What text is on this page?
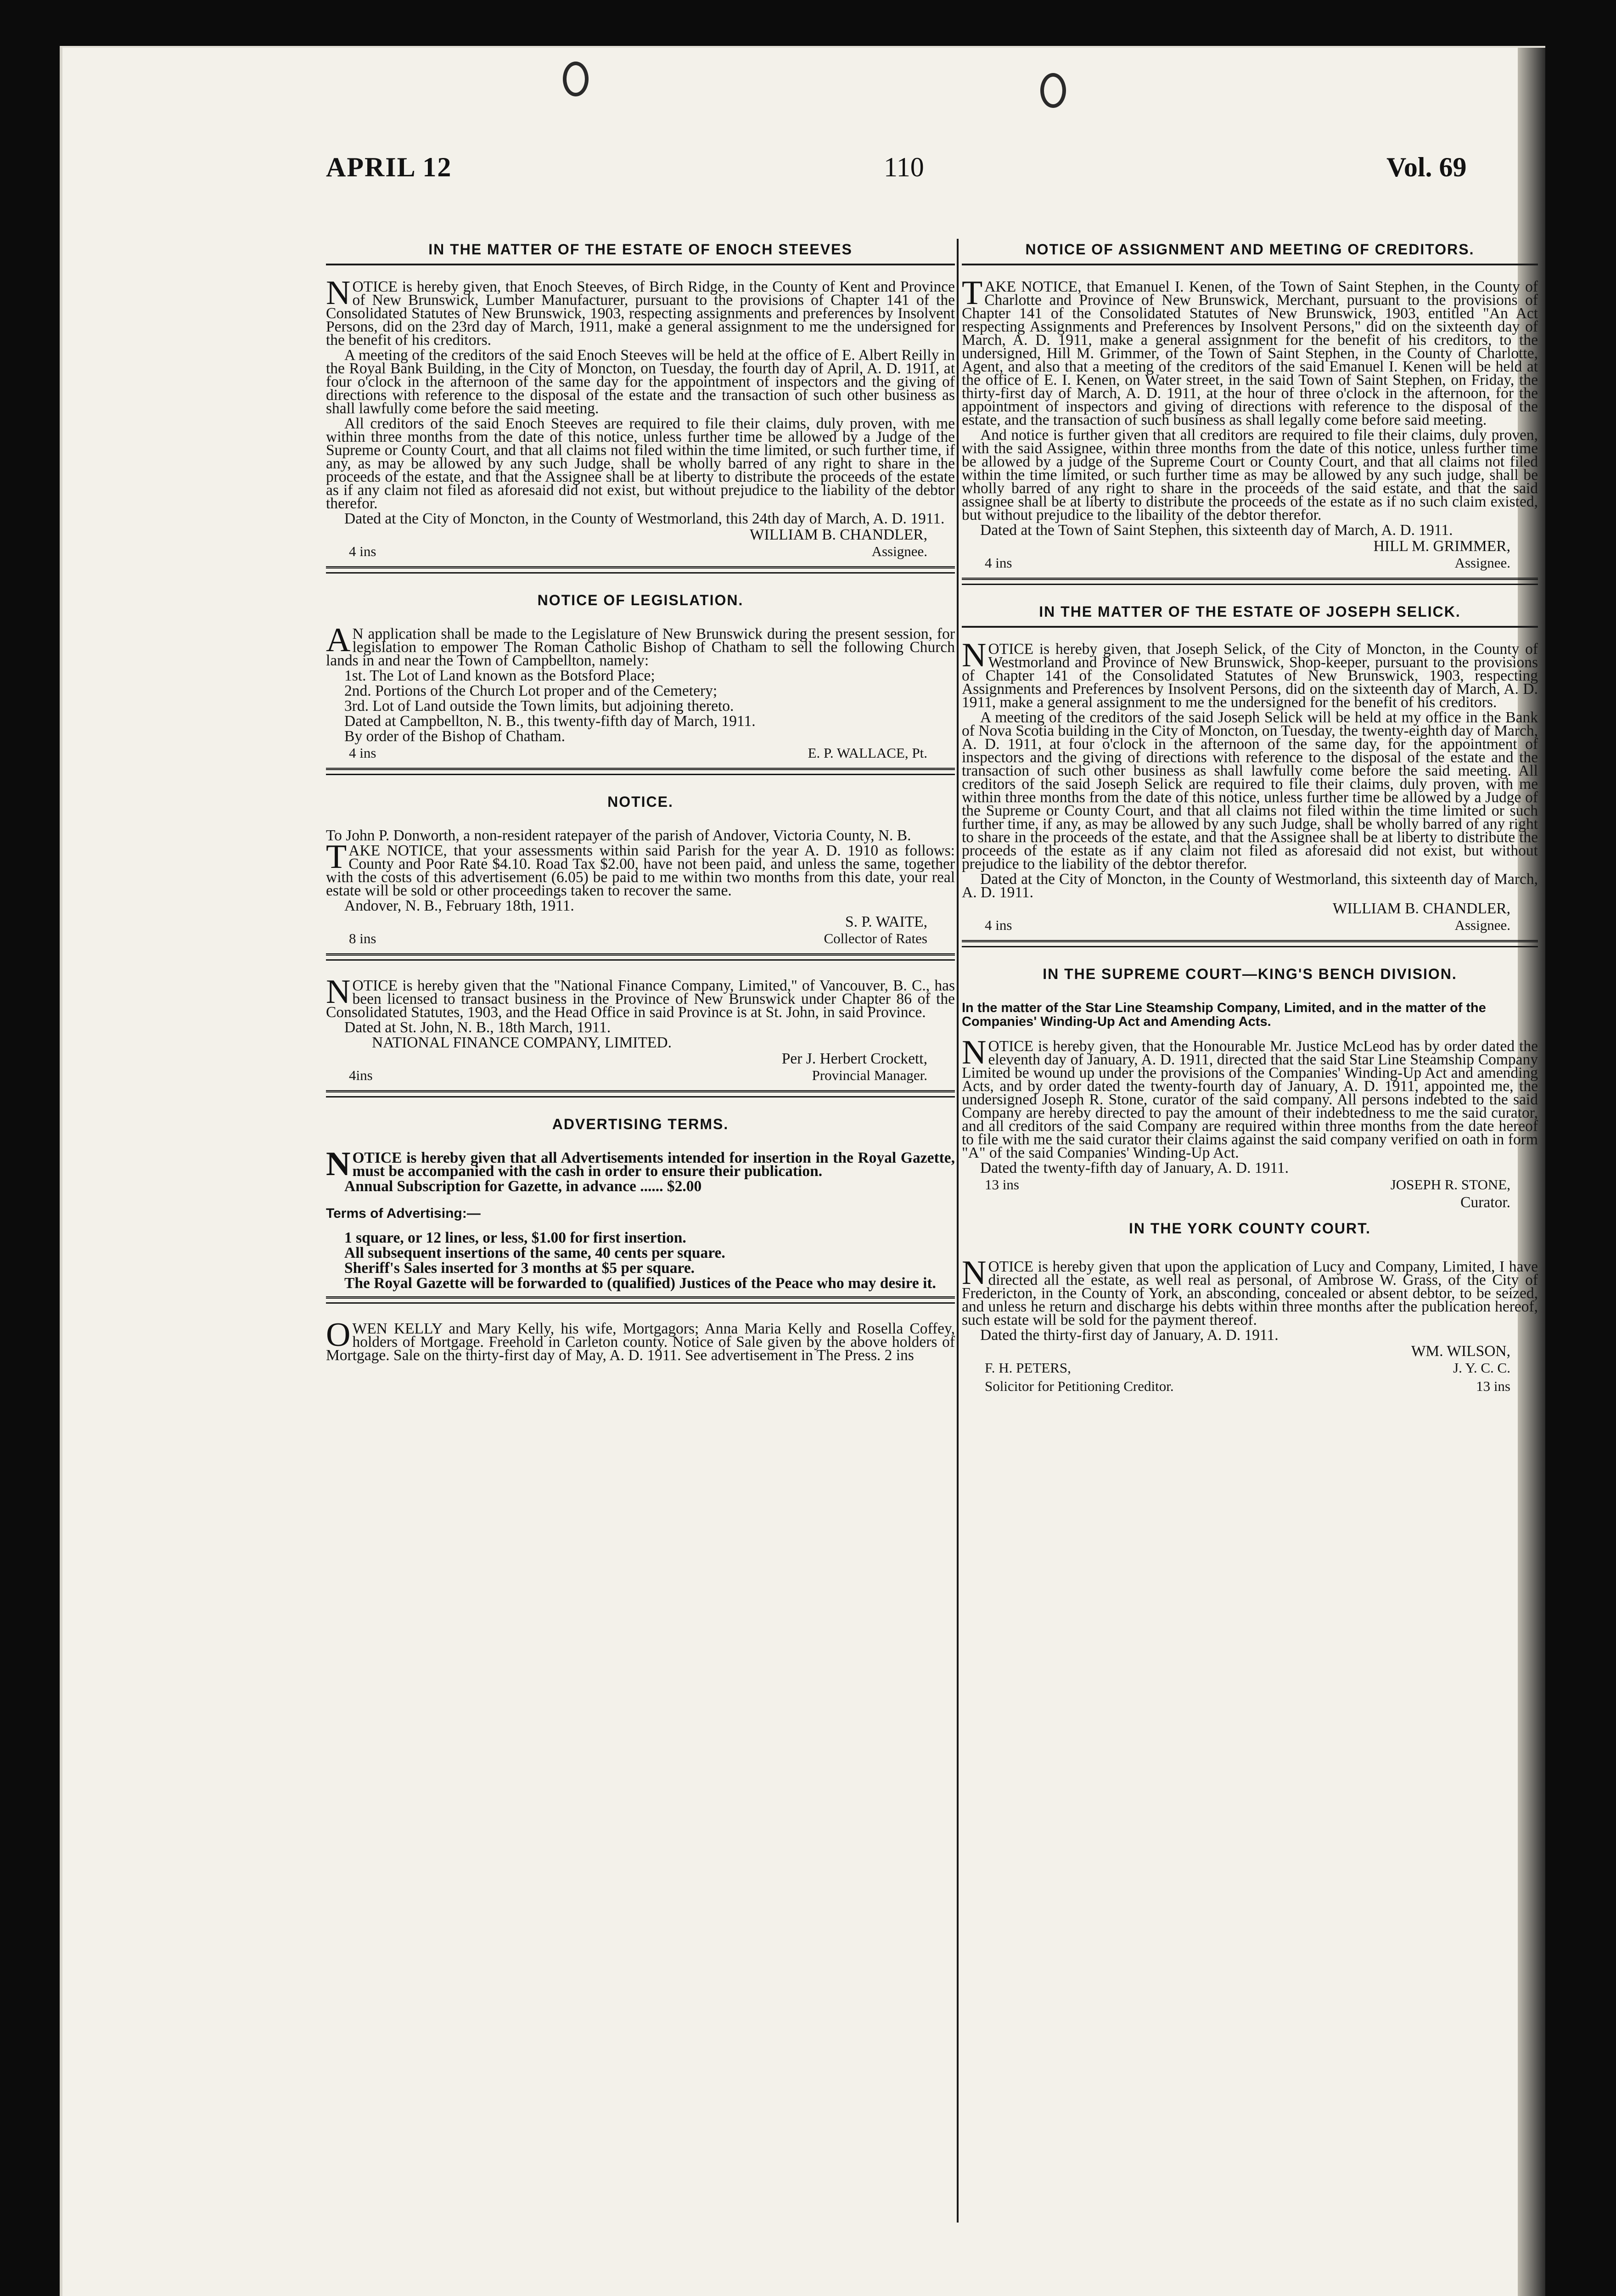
APRIL 12	110	Vol. 69
IN THE MATTER OF THE ESTATE OF ENOCH STEEVES

NOTICE is hereby given, that Enoch Steeves, of Birch Ridge, in the County of Kent and Province of New Brunswick, Lumber Manufacturer, pursuant to the provisions of Chapter 141 of the Consolidated Statutes of New Brunswick, 1903, respecting assignments and preferences by Insolvent Persons, did on the 23rd day of March, 1911, make a general assignment to me the undersigned for the benefit of his creditors.

A meeting of the creditors of the said Enoch Steeves will be held at the office of E. Albert Reilly in the Royal Bank Building, in the City of Moncton, on Tuesday, the fourth day of April, A. D. 1911, at four o'clock in the afternoon of the same day for the appointment of inspectors and the giving of directions with reference to the disposal of the estate and the transaction of such other business as shall lawfully come before the said meeting.

All creditors of the said Enoch Steeves are required to file their claims, duly proven, with me within three months from the date of this notice, unless further time be allowed by a Judge of the Supreme or County Court, and that all claims not filed within the time limited, or such further time, if any, as may be allowed by any such Judge, shall be wholly barred of any right to share in the proceeds of the estate, and that the Assignee shall be at liberty to distribute the proceeds of the estate as if any claim not filed as aforesaid did not exist, but without prejudice to the liability of the debtor therefor.

Dated at the City of Moncton, in the County of Westmorland, this 24th day of March, A. D. 1911.

WILLIAM B. CHANDLER,

4 ins	Assignee.
NOTICE OF LEGISLATION.

AN application shall be made to the Legislature of New Brunswick during the present session, for legislation to empower The Roman Catholic Bishop of Chatham to sell the following Church lands in and near the Town of Campbellton, namely:

1st. The Lot of Land known as the Botsford Place;

2nd. Portions of the Church Lot proper and of the Cemetery;

3rd. Lot of Land outside the Town limits, but adjoining thereto.

Dated at Campbellton, N. B., this twenty-fifth day of March, 1911.

By order of the Bishop of Chatham.

4 ins	E. P. WALLACE, Pt.
NOTICE.

To John P. Donworth, a non-resident ratepayer of the parish of Andover, Victoria County, N. B.

TAKE NOTICE, that your assessments within said Parish for the year A. D. 1910 as follows: County and Poor Rate $4.10. Road Tax $2.00, have not been paid, and unless the same, together with the costs of this advertisement (6.05) be paid to me within two months from this date, your real estate will be sold or other proceedings taken to recover the same.

Andover, N. B., February 18th, 1911.

S. P. WAITE,

8 ins	Collector of Rates

NOTICE is hereby given that the "National Finance Company, Limited," of Vancouver, B. C., has been licensed to transact business in the Province of New Brunswick under Chapter 86 of the Consolidated Statutes, 1903, and the Head Office in said Province is at St. John, in said Province.

Dated at St. John, N. B., 18th March, 1911.

NATIONAL FINANCE COMPANY, LIMITED.

Per J. Herbert Crockett,

4ins	Provincial Manager.
ADVERTISING TERMS.

NOTICE is hereby given that all Advertisements intended for insertion in the Royal Gazette, must be accompanied with the cash in order to ensure their publication.

Annual Subscription for Gazette, in advance ...... $2.00

Terms of Advertising:—

1 square, or 12 lines, or less, $1.00 for first insertion.

All subsequent insertions of the same, 40 cents per square.

Sheriff's Sales inserted for 3 months at $5 per square.

The Royal Gazette will be forwarded to (qualified) Justices of the Peace who may desire it.

OWEN KELLY and Mary Kelly, his wife, Mortgagors; Anna Maria Kelly and Rosella Coffey, holders of Mortgage. Freehold in Carleton county. Notice of Sale given by the above holders of Mortgage. Sale on the thirty-first day of May, A. D. 1911. See advertisement in The Press. 2 ins

NOTICE OF ASSIGNMENT AND MEETING OF CREDITORS.

TAKE NOTICE, that Emanuel I. Kenen, of the Town of Saint Stephen, in the County of Charlotte and Province of New Brunswick, Merchant, pursuant to the provisions of Chapter 141 of the Consolidated Statutes of New Brunswick, 1903, entitled "An Act respecting Assignments and Preferences by Insolvent Persons," did on the sixteenth day of March, A. D. 1911, make a general assignment for the benefit of his creditors, to the undersigned, Hill M. Grimmer, of the Town of Saint Stephen, in the County of Charlotte, Agent, and also that a meeting of the creditors of the said Emanuel I. Kenen will be held at the office of E. I. Kenen, on Water street, in the said Town of Saint Stephen, on Friday, the thirty-first day of March, A. D. 1911, at the hour of three o'clock in the afternoon, for the appointment of inspectors and giving of directions with reference to the disposal of the estate, and the transaction of such business as shall legally come before said meeting.

And notice is further given that all creditors are required to file their claims, duly proven, with the said Assignee, within three months from the date of this notice, unless further time be allowed by a judge of the Supreme Court or County Court, and that all claims not filed within the time limited, or such further time as may be allowed by any such judge, shall be wholly barred of any right to share in the proceeds of the said estate, and that the said assignee shall be at liberty to distribute the proceeds of the estate as if no such claim existed, but without prejudice to the libaility of the debtor therefor.

Dated at the Town of Saint Stephen, this sixteenth day of March, A. D. 1911.

HILL M. GRIMMER,

4 ins	Assignee.
IN THE MATTER OF THE ESTATE OF JOSEPH SELICK.

NOTICE is hereby given, that Joseph Selick, of the City of Moncton, in the County of Westmorland and Province of New Brunswick, Shop-keeper, pursuant to the provisions of Chapter 141 of the Consolidated Statutes of New Brunswick, 1903, respecting Assignments and Preferences by Insolvent Persons, did on the sixteenth day of March, A. D. 1911, make a general assignment to me the undersigned for the benefit of his creditors.

A meeting of the creditors of the said Joseph Selick will be held at my office in the Bank of Nova Scotia building in the City of Moncton, on Tuesday, the twenty-eighth day of March, A. D. 1911, at four o'clock in the afternoon of the same day, for the appointment of inspectors and the giving of directions with reference to the disposal of the estate and the transaction of such other business as shall lawfully come before the said meeting. All creditors of the said Joseph Selick are required to file their claims, duly proven, with me within three months from the date of this notice, unless further time be allowed by a Judge of the Supreme or County Court, and that all claims not filed within the time limited or such further time, if any, as may be allowed by any such Judge, shall be wholly barred of any right to share in the proceeds of the estate, and that the Assignee shall be at liberty to distribute the proceeds of the estate as if any claim not filed as aforesaid did not exist, but without prejudice to the liability of the debtor therefor.

Dated at the City of Moncton, in the County of Westmorland, this sixteenth day of March, A. D. 1911.

WILLIAM B. CHANDLER,

4 ins	Assignee.
IN THE SUPREME COURT—KING'S BENCH DIVISION.

In the matter of the Star Line Steamship Company, Limited, and in the matter of the Companies' Winding-Up Act and Amending Acts.

NOTICE is hereby given, that the Honourable Mr. Justice McLeod has by order dated the eleventh day of January, A. D. 1911, directed that the said Star Line Steamship Company Limited be wound up under the provisions of the Companies' Winding-Up Act and amending Acts, and by order dated the twenty-fourth day of January, A. D. 1911, appointed me, the undersigned Joseph R. Stone, curator of the said company. All persons indebted to the said Company are hereby directed to pay the amount of their indebtedness to me the said curator, and all creditors of the said Company are required within three months from the date hereof to file with me the said curator their claims against the said company verified on oath in form "A" of the said Companies' Winding-Up Act.

Dated the twenty-fifth day of January, A. D. 1911.

13 ins	JOSEPH R. STONE,

Curator.

IN THE YORK COUNTY COURT.

NOTICE is hereby given that upon the application of Lucy and Company, Limited, I have directed all the estate, as well real as personal, of Ambrose W. Grass, of the City of Fredericton, in the County of York, an absconding, concealed or absent debtor, to be seized, and unless he return and discharge his debts within three months after the publication hereof, such estate will be sold for the payment thereof.

Dated the thirty-first day of January, A. D. 1911.

WM. WILSON,

F. H. PETERS,	J. Y. C. C.
Solicitor for Petitioning Creditor.	13 ins
